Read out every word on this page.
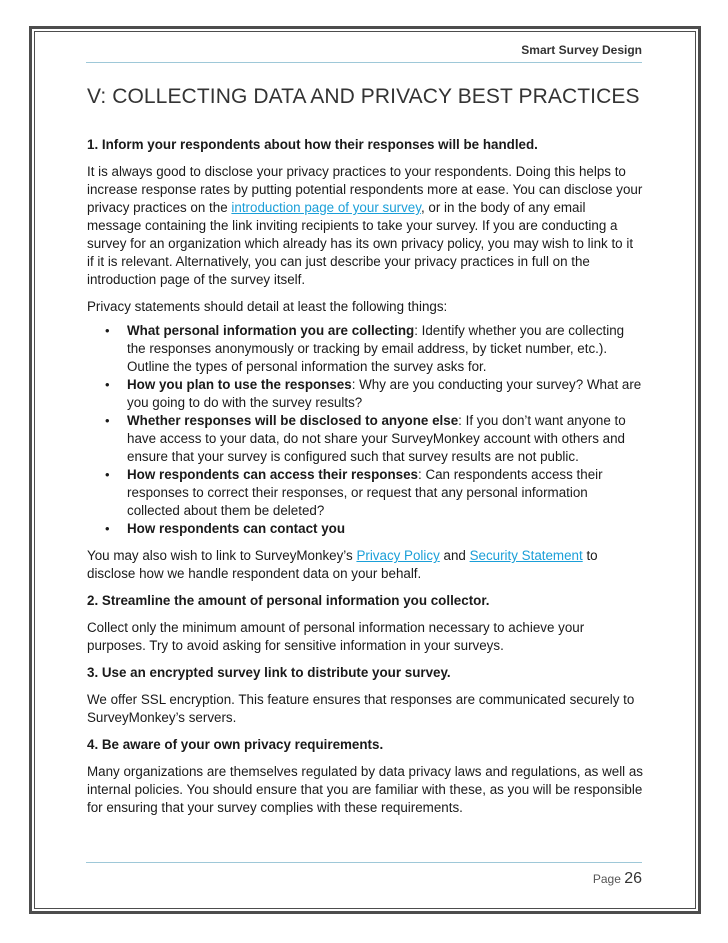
Smart Survey Design
V: COLLECTING DATA AND PRIVACY BEST PRACTICES
1. Inform your respondents about how their responses will be handled.

It is always good to disclose your privacy practices to your respondents. Doing this helps to increase response rates by putting potential respondents more at ease. You can disclose your privacy practices on the introduction page of your survey, or in the body of any email message containing the link inviting recipients to take your survey. If you are conducting a survey for an organization which already has its own privacy policy, you may wish to link to it if it is relevant. Alternatively, you can just describe your privacy practices in full on the introduction page of the survey itself.

Privacy statements should detail at least the following things:

• What personal information you are collecting: Identify whether you are collecting the responses anonymously or tracking by email address, by ticket number, etc.). Outline the types of personal information the survey asks for.
• How you plan to use the responses: Why are you conducting your survey? What are you going to do with the survey results?
• Whether responses will be disclosed to anyone else: If you don’t want anyone to have access to your data, do not share your SurveyMonkey account with others and ensure that your survey is configured such that survey results are not public.
• How respondents can access their responses: Can respondents access their responses to correct their responses, or request that any personal information collected about them be deleted?
• How respondents can contact you

You may also wish to link to SurveyMonkey’s Privacy Policy and Security Statement to disclose how we handle respondent data on your behalf.

2. Streamline the amount of personal information you collector.

Collect only the minimum amount of personal information necessary to achieve your purposes. Try to avoid asking for sensitive information in your surveys.

3. Use an encrypted survey link to distribute your survey.

We offer SSL encryption. This feature ensures that responses are communicated securely to SurveyMonkey’s servers.

4. Be aware of your own privacy requirements.

Many organizations are themselves regulated by data privacy laws and regulations, as well as internal policies. You should ensure that you are familiar with these, as you will be responsible for ensuring that your survey complies with these requirements.

Page 26
